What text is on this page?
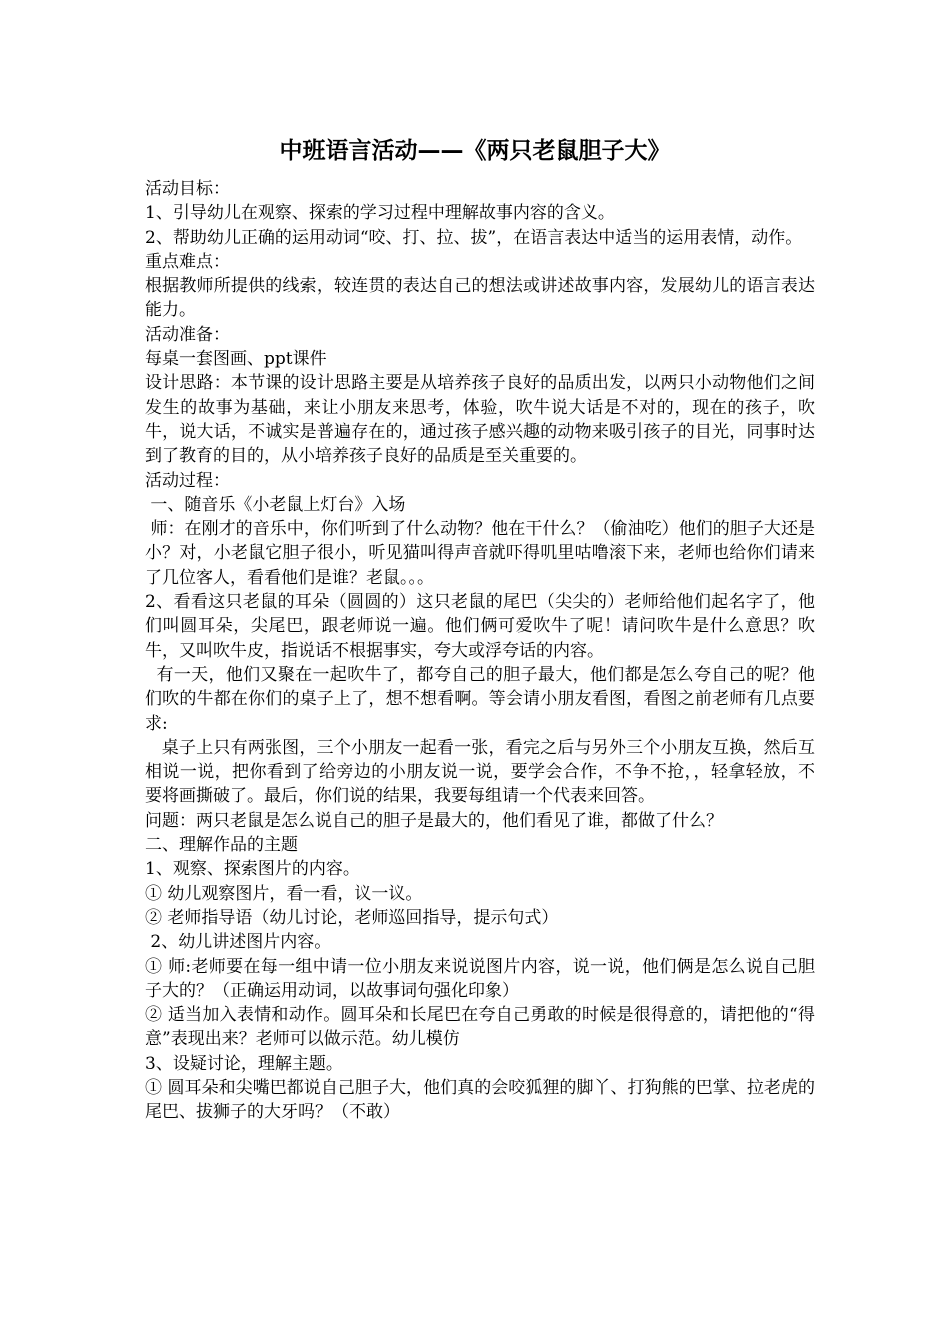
中班语言活动——《两只老鼠胆子大》

活动目标：

1、引导幼儿在观察、探索的学习过程中理解故事内容的含义。

2、帮助幼儿正确的运用动词“咬、打、拉、拔”，在语言表达中适当的运用表情，动作。

重点难点：

根据教师所提供的线索，较连贯的表达自己的想法或讲述故事内容，发展幼儿的语言表达能力。

活动准备：

每桌一套图画、ppt课件

设计思路：本节课的设计思路主要是从培养孩子良好的品质出发，以两只小动物他们之间发生的故事为基础，来让小朋友来思考，体验，吹牛说大话是不对的，现在的孩子，吹牛，说大话，不诚实是普遍存在的，通过孩子感兴趣的动物来吸引孩子的目光，同事时达到了教育的目的，从小培养孩子良好的品质是至关重要的。

活动过程：

一、随音乐《小老鼠上灯台》入场

师：在刚才的音乐中，你们听到了什么动物？他在干什么？（偷油吃）他们的胆子大还是小？对，小老鼠它胆子很小，听见猫叫得声音就吓得叽里咕噜滚下来，老师也给你们请来了几位客人，看看他们是谁？老鼠。。。

2、看看这只老鼠的耳朵（圆圆的）这只老鼠的尾巴（尖尖的）老师给他们起名字了，他们叫圆耳朵，尖尾巴，跟老师说一遍。他们俩可爱吹牛了呢！请问吹牛是什么意思？吹牛，又叫吹牛皮，指说话不根据事实，夸大或浮夸话的内容。

有一天，他们又聚在一起吹牛了，都夸自己的胆子最大，他们都是怎么夸自己的呢？他们吹的牛都在你们的桌子上了，想不想看啊。等会请小朋友看图，看图之前老师有几点要求:

桌子上只有两张图，三个小朋友一起看一张，看完之后与另外三个小朋友互换，然后互相说一说，把你看到了给旁边的小朋友说一说，要学会合作，不争不抢，，轻拿轻放，不要将画撕破了。最后，你们说的结果，我要每组请一个代表来回答。

问题：两只老鼠是怎么说自己的胆子是最大的，他们看见了谁，都做了什么？

二、理解作品的主题

1、观察、探索图片的内容。

① 幼儿观察图片，看一看，议一议。

② 老师指导语（幼儿讨论，老师巡回指导，提示句式）

2、幼儿讲述图片内容。

① 师:老师要在每一组中请一位小朋友来说说图片内容，说一说，他们俩是怎么说自己胆子大的？（正确运用动词，以故事词句强化印象）

② 适当加入表情和动作。圆耳朵和长尾巴在夸自己勇敢的时候是很得意的，请把他的“得意”表现出来？老师可以做示范。幼儿模仿

3、设疑讨论，理解主题。

① 圆耳朵和尖嘴巴都说自己胆子大，他们真的会咬狐狸的脚丫、打狗熊的巴掌、拉老虎的尾巴、拔狮子的大牙吗？（不敢）
